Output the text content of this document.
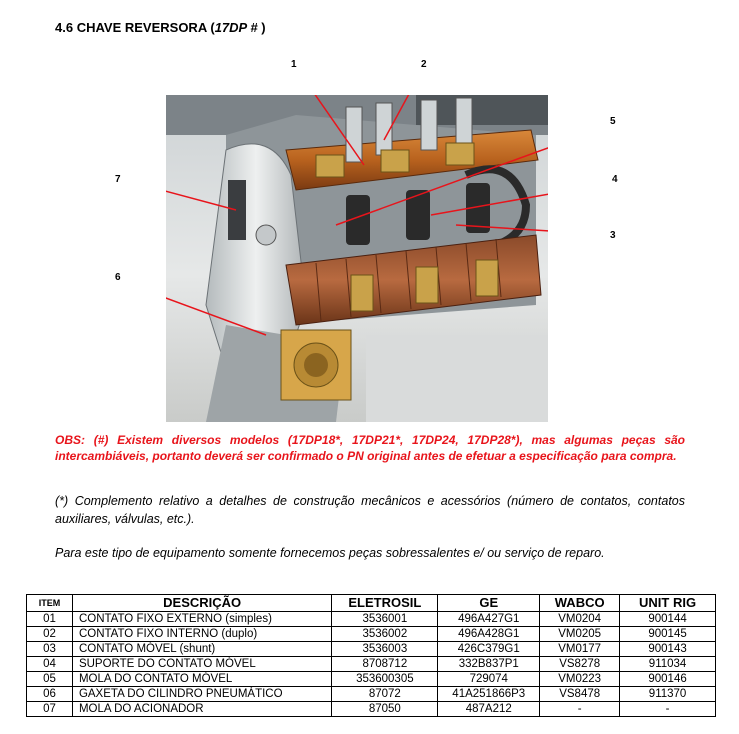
4.6 CHAVE REVERSORA (17DP # )
1	2
5
7	4
3
6
OBS: (#) Existem diversos modelos (17DP18*, 17DP21*, 17DP24, 17DP28*), mas algumas peças são intercambiáveis, portanto deverá ser confirmado o PN original antes de efetuar a especificação para compra.
(*) Complemento relativo a detalhes de construção mecânicos e acessórios (número de contatos, contatos auxiliares, válvulas, etc.).
Para este tipo de equipamento somente fornecemos peças sobressalentes e/ ou serviço de reparo.
ITEM	DESCRIÇÃO	ELETROSIL	GE	WABCO	UNIT RIG
01	CONTATO FIXO EXTERNO (simples)	3536001	496A427G1	VM0204	900144
02	CONTATO FIXO INTERNO (duplo)	3536002	496A428G1	VM0205	900145
03	CONTATO MÓVEL (shunt)	3536003	426C379G1	VM0177	900143
04	SUPORTE DO CONTATO MÓVEL	8708712	332B837P1	VS8278	911034
05	MOLA DO CONTATO MÓVEL	353600305	729074	VM0223	900146
06	GAXETA DO CILINDRO PNEUMÁTICO	87072	41A251866P3	VS8478	911370
07	MOLA DO ACIONADOR	87050	487A212	-	-
